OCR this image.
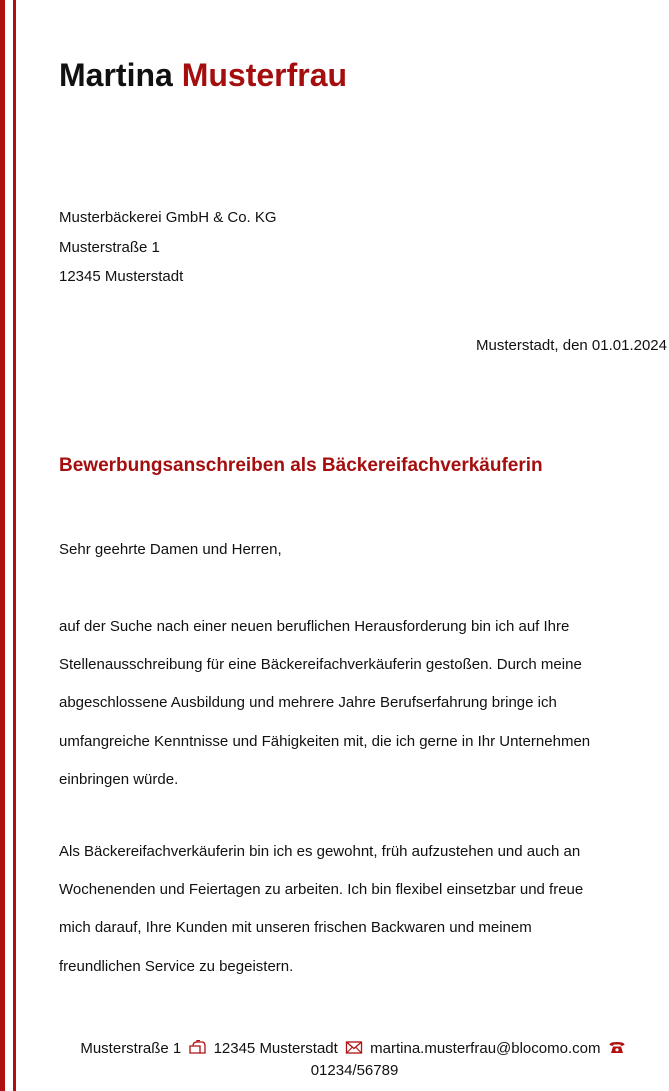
Martina Musterfrau
Musterbäckerei GmbH & Co. KG
Musterstraße 1
12345 Musterstadt
Musterstadt, den 01.01.2024
Bewerbungsanschreiben als Bäckereifachverkäuferin

Sehr geehrte Damen und Herren,

auf der Suche nach einer neuen beruflichen Herausforderung bin ich auf Ihre
Stellenausschreibung für eine Bäckereifachverkäuferin gestoßen. Durch meine
abgeschlossene Ausbildung und mehrere Jahre Berufserfahrung bringe ich
umfangreiche Kenntnisse und Fähigkeiten mit, die ich gerne in Ihr Unternehmen
einbringen würde.
Als Bäckereifachverkäuferin bin ich es gewohnt, früh aufzustehen und auch an
Wochenenden und Feiertagen zu arbeiten. Ich bin flexibel einsetzbar und freue
mich darauf, Ihre Kunden mit unseren frischen Backwaren und meinem
freundlichen Service zu begeistern.
Musterstraße 1 12345 Musterstadt martina.musterfrau@blocomo.com
01234/56789
